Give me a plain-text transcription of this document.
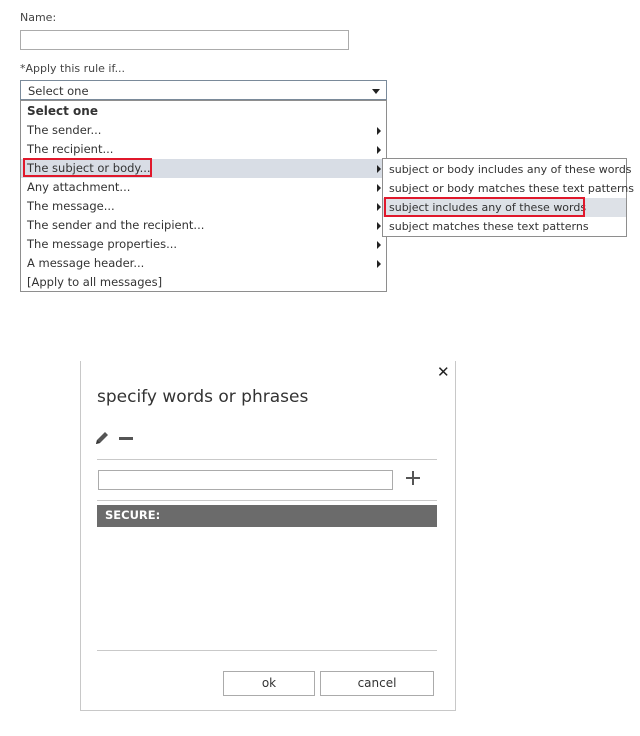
Name:
*Apply this rule if...
Select one
Select one
The sender...
The recipient...
The subject or body...
Any attachment...
The message...
The sender and the recipient...
The message properties...
A message header...
[Apply to all messages]
subject or body includes any of these words
subject or body matches these text patterns
subject includes any of these words
subject matches these text patterns
✕
specify words or phrases
SECURE:
ok	cancel
